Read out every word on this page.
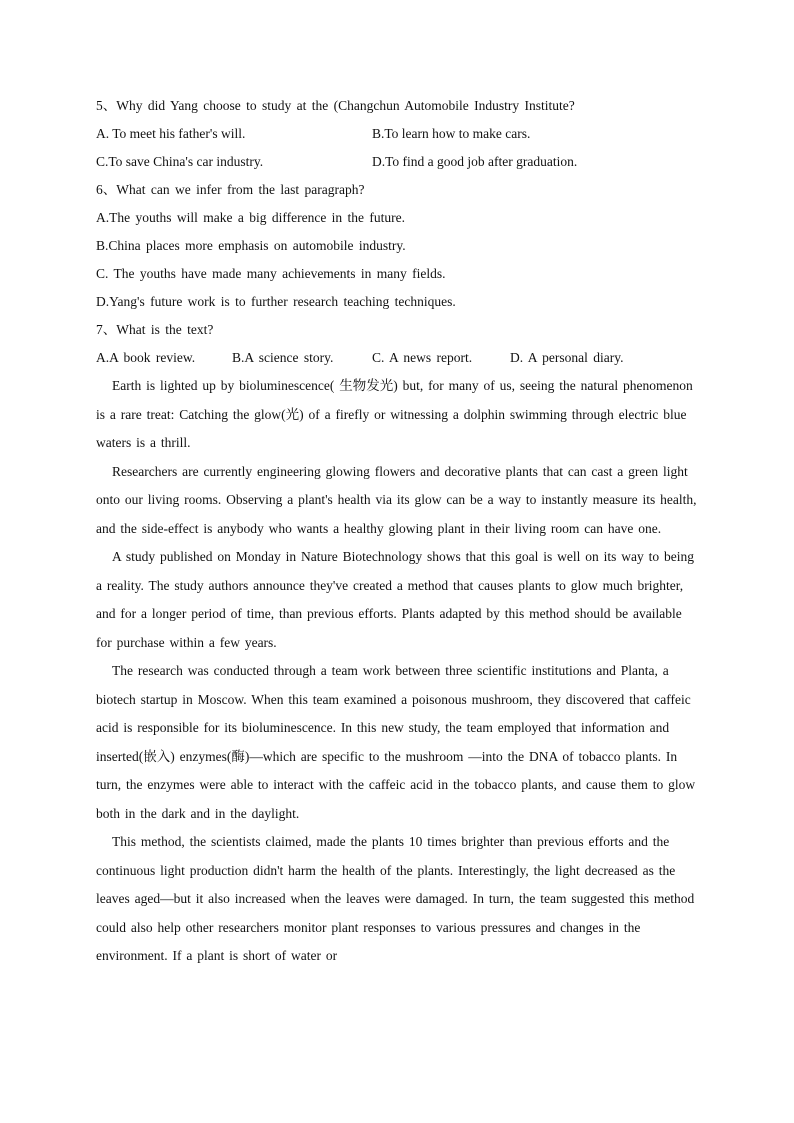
5、Why did Yang choose to study at the (Changchun Automobile Industry Institute?
A. To meet his father's will.	B.To learn how to make cars.
C.To save China's car industry.	D.To find a good job after graduation.
6、What can we infer from the last paragraph?
A.The youths will make a big difference in the future.
B.China places more emphasis on automobile industry.
C. The youths have made many achievements in many fields.
D.Yang's future work is to further research teaching techniques.
7、What is the text?
A.A book review.	B.A science story.	C. A news report.	D. A personal diary.

Earth is lighted up by bioluminescence( 生物发光) but, for many of us, seeing the natural phenomenon is a rare treat: Catching the glow(光) of a firefly or witnessing a dolphin swimming through electric blue waters is a thrill.

Researchers are currently engineering glowing flowers and decorative plants that can cast a green light onto our living rooms. Observing a plant's health via its glow can be a way to instantly measure its health, and the side-effect is anybody who wants a healthy glowing plant in their living room can have one.

A study published on Monday in Nature Biotechnology shows that this goal is well on its way to being a reality. The study authors announce they've created a method that causes plants to glow much brighter, and for a longer period of time, than previous efforts. Plants adapted by this method should be available for purchase within a few years.

The research was conducted through a team work between three scientific institutions and Planta, a biotech startup in Moscow. When this team examined a poisonous mushroom, they discovered that caffeic acid is responsible for its bioluminescence. In this new study, the team employed that information and inserted(嵌入) enzymes(酶)—which are specific to the mushroom —into the DNA of tobacco plants. In turn, the enzymes were able to interact with the caffeic acid in the tobacco plants, and cause them to glow both in the dark and in the daylight.

This method, the scientists claimed, made the plants 10 times brighter than previous efforts and the continuous light production didn't harm the health of the plants. Interestingly, the light decreased as the leaves aged—but it also increased when the leaves were damaged. In turn, the team suggested this method could also help other researchers monitor plant responses to various pressures and changes in the environment. If a plant is short of water or
